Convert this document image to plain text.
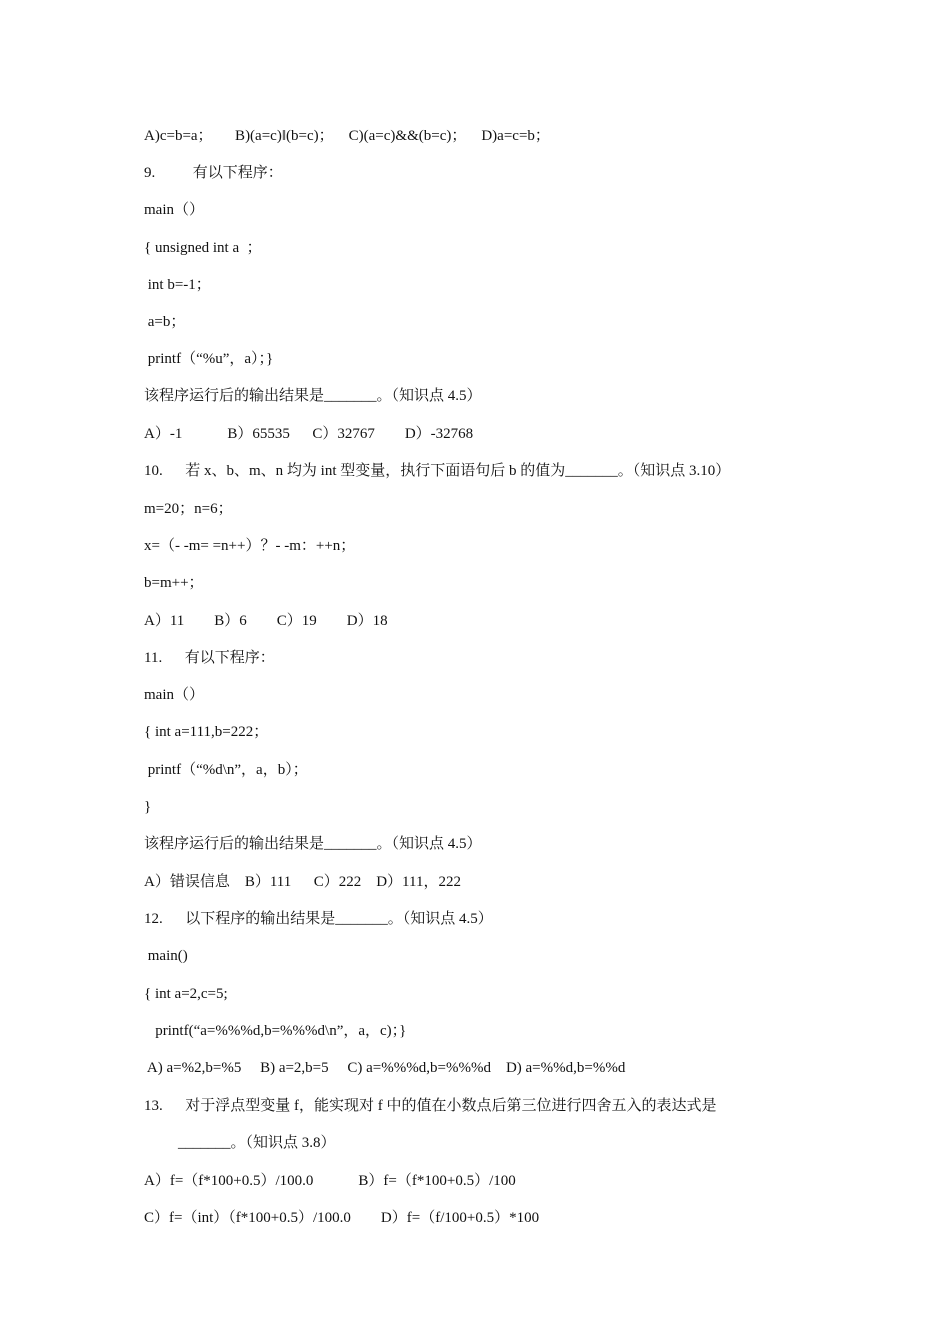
A)c=b=a；      B)(a=c)‖(b=c)；    C)(a=c)&&(b=c)；    D)a=c=b；
9.          有以下程序：
main（）
{ unsigned int a  ；
int b=-1；
a=b；
printf（“%u”，a）；}
该程序运行后的输出结果是_______。（知识点 4.5）
A）-1            B）65535      C）32767        D）-32768
10.      若 x、b、m、n 均为 int 型变量，执行下面语句后 b 的值为_______。（知识点 3.10）
m=20；n=6；
x=（- -m= =n++）？- -m：++n；
b=m++；
A）11        B）6        C）19        D）18
11.      有以下程序：
main（）
{ int a=111,b=222；
printf（“%d\n”，a，b）；
}
该程序运行后的输出结果是_______。（知识点 4.5）
A）错误信息    B）111      C）222    D）111，222
12.      以下程序的输出结果是_______。（知识点 4.5）
main()
{ int a=2,c=5;
printf(“a=%%%d,b=%%%d\n”，a，c)；}
A) a=%2,b=%5     B) a=2,b=5     C) a=%%%d,b=%%%d    D) a=%%d,b=%%d
13.      对于浮点型变量 f，能实现对 f 中的值在小数点后第三位进行四舍五入的表达式是
_______。（知识点 3.8）
A）f=（f*100+0.5）/100.0            B）f=（f*100+0.5）/100
C）f=（int）（f*100+0.5）/100.0        D）f=（f/100+0.5）*100
